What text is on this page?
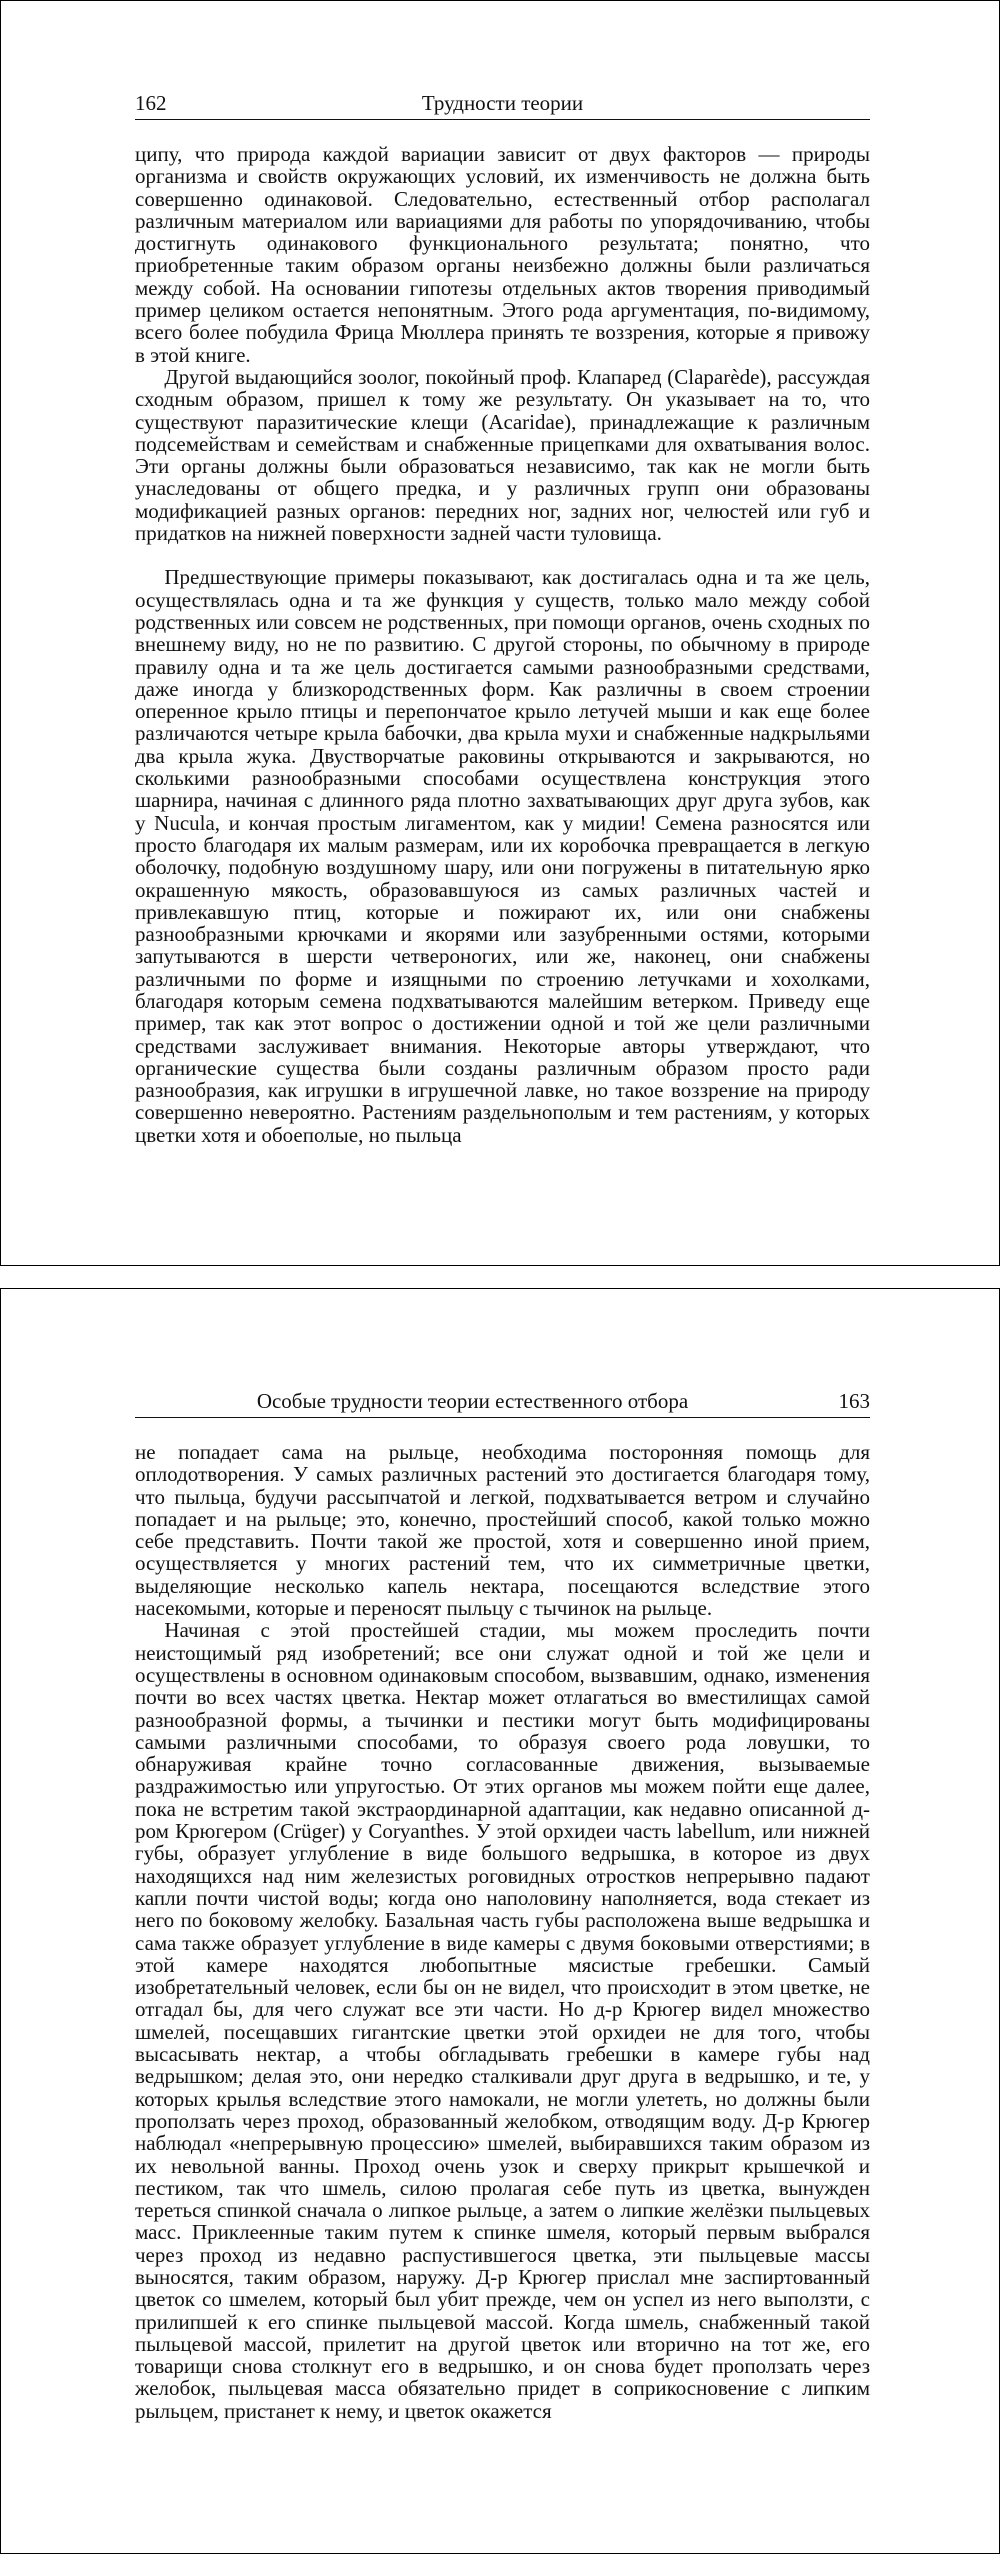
162	Трудности теории

ципу, что природа каждой вариации зависит от двух факторов — природы организма и свойств окружающих условий, их изменчивость не должна быть совершенно одинаковой. Следовательно, естественный отбор располагал различным материалом или вариациями для работы по упорядочиванию, чтобы достигнуть одинакового функционального результата; понятно, что приобретенные таким образом органы неизбежно должны были различаться между собой. На основании гипотезы отдельных актов творения приводимый пример целиком остается непонятным. Этого рода аргументация, по-видимому, всего более побудила Фрица Мюллера принять те воззрения, которые я привожу в этой книге.

Другой выдающийся зоолог, покойный проф. Клапаред (Claparède), рассуждая сходным образом, пришел к тому же результату. Он указывает на то, что существуют паразитические клещи (Acaridae), принадлежащие к различным подсемействам и семействам и снабженные прицепками для охватывания волос. Эти органы должны были образоваться независимо, так как не могли быть унаследованы от общего предка, и у различных групп они образованы модификацией разных органов: передних ног, задних ног, челюстей или губ и придатков на нижней поверхности задней части туловища.

Предшествующие примеры показывают, как достигалась одна и та же цель, осуществлялась одна и та же функция у существ, только мало между собой родственных или совсем не родственных, при помощи органов, очень сходных по внешнему виду, но не по развитию. С другой стороны, по обычному в природе правилу одна и та же цель достигается самыми разнообразными средствами, даже иногда у близкородственных форм. Как различны в своем строении оперенное крыло птицы и перепончатое крыло летучей мыши и как еще более различаются четыре крыла бабочки, два крыла мухи и снабженные надкрыльями два крыла жука. Двустворчатые раковины открываются и закрываются, но сколькими разнообразными способами осуществлена конструкция этого шарнира, начиная с длинного ряда плотно захватывающих друг друга зубов, как у Nucula, и кончая простым лигаментом, как у мидии! Семена разносятся или просто благодаря их малым размерам, или их коробочка превращается в легкую оболочку, подобную воздушному шару, или они погружены в питательную ярко окрашенную мякость, образовавшуюся из самых различных частей и привлекавшую птиц, которые и пожирают их, или они снабжены разнообразными крючками и якорями или зазубренными остями, которыми запутываются в шерсти четвероногих, или же, наконец, они снабжены различными по форме и изящными по строению летучками и хохолками, благодаря которым семена подхватываются малейшим ветерком. Приведу еще пример, так как этот вопрос о достижении одной и той же цели различными средствами заслуживает внимания. Некоторые авторы утверждают, что органические существа были созданы различным образом просто ради разнообразия, как игрушки в игрушечной лавке, но такое воззрение на природу совершенно невероятно. Растениям раздельнополым и тем растениям, у которых цветки хотя и обоеполые, но пыльца

Особые трудности теории естественного отбора	163

не попадает сама на рыльце, необходима посторонняя помощь для оплодотворения. У самых различных растений это достигается благодаря тому, что пыльца, будучи рассыпчатой и легкой, подхватывается ветром и случайно попадает и на рыльце; это, конечно, простейший способ, какой только можно себе представить. Почти такой же простой, хотя и совершенно иной прием, осуществляется у многих растений тем, что их симметричные цветки, выделяющие несколько капель нектара, посещаются вследствие этого насекомыми, которые и переносят пыльцу с тычинок на рыльце.

Начиная с этой простейшей стадии, мы можем проследить почти неистощимый ряд изобретений; все они служат одной и той же цели и осуществлены в основном одинаковым способом, вызвавшим, однако, изменения почти во всех частях цветка. Нектар может отлагаться во вместилищах самой разнообразной формы, а тычинки и пестики могут быть модифицированы самыми различными способами, то образуя своего рода ловушки, то обнаруживая крайне точно согласованные движения, вызываемые раздражимостью или упругостью. От этих органов мы можем пойти еще далее, пока не встретим такой экстраординарной адаптации, как недавно описанной д-ром Крюгером (Crüger) у Coryanthes. У этой орхидеи часть labellum, или нижней губы, образует углубление в виде большого ведрышка, в которое из двух находящихся над ним железистых роговидных отростков непрерывно падают капли почти чистой воды; когда оно наполовину наполняется, вода стекает из него по боковому желобку. Базальная часть губы расположена выше ведрышка и сама также образует углубление в виде камеры с двумя боковыми отверстиями; в этой камере находятся любопытные мясистые гребешки. Самый изобретательный человек, если бы он не видел, что происходит в этом цветке, не отгадал бы, для чего служат все эти части. Но д-р Крюгер видел множество шмелей, посещавших гигантские цветки этой орхидеи не для того, чтобы высасывать нектар, а чтобы обгладывать гребешки в камере губы над ведрышком; делая это, они нередко сталкивали друг друга в ведрышко, и те, у которых крылья вследствие этого намокали, не могли улететь, но должны были проползать через проход, образованный желобком, отводящим воду. Д-р Крюгер наблюдал «непрерывную процессию» шмелей, выбиравшихся таким образом из их невольной ванны. Проход очень узок и сверху прикрыт крышечкой и пестиком, так что шмель, силою пролагая себе путь из цветка, вынужден тереться спинкой сначала о липкое рыльце, а затем о липкие желёзки пыльцевых масс. Приклеенные таким путем к спинке шмеля, который первым выбрался через проход из недавно распустившегося цветка, эти пыльцевые массы выносятся, таким образом, наружу. Д-р Крюгер прислал мне заспиртованный цветок со шмелем, который был убит прежде, чем он успел из него выползти, с прилипшей к его спинке пыльцевой массой. Когда шмель, снабженный такой пыльцевой массой, прилетит на другой цветок или вторично на тот же, его товарищи снова столкнут его в ведрышко, и он снова будет проползать через желобок, пыльцевая масса обязательно придет в соприкосновение с липким рыльцем, пристанет к нему, и цветок окажется
